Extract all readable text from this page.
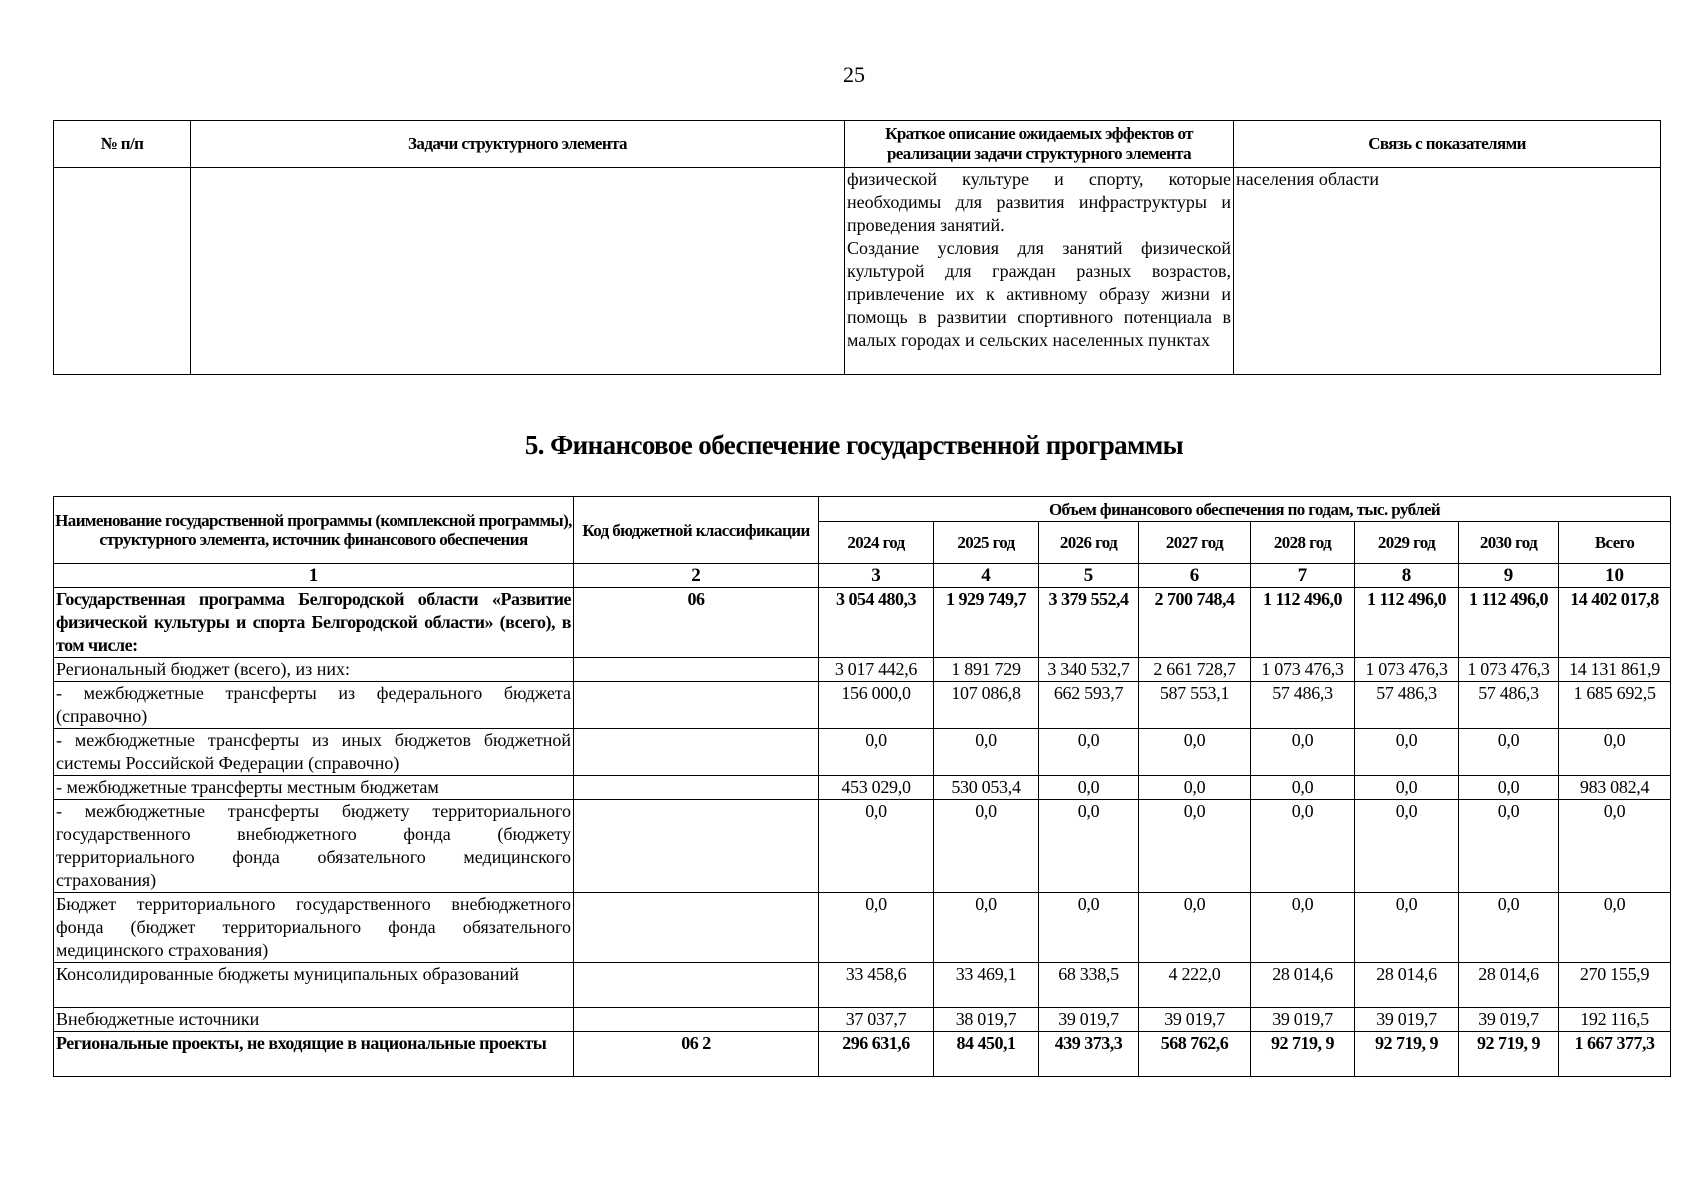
25
№ п/п	Задачи структурного элемента	Краткое описание ожидаемых эффектов от реализации задачи структурного элемента	Связь с показателями

		физической культуре и спорту, которые необходимы для развития инфраструктуры и проведения занятий.

Создание условия для занятий физической культурой для граждан разных возрастов, привлечение их к активному образу жизни и помощь в развитии спортивного потенциала в малых городах и сельских населенных пунктах	населения области
5. Финансовое обеспечение государственной программы
Наименование государственной программы (комплексной программы), структурного элемента, источник финансового обеспечения	Код бюджетной классификации	Объем финансового обеспечения по годам, тыс. рублей							
		2024 год	2025 год	2026 год	2027 год	2028 год	2029 год	2030 год	Всего
1	2	3	4	5	6	7	8	9	10
Государственная программа Белгородской области «Развитие физической культуры и спорта Белгородской области» (всего), в том числе:	06	3 054 480,3	1 929 749,7	3 379 552,4	2 700 748,4	1 112 496,0	1 112 496,0	1 112 496,0	14 402 017,8
Региональный бюджет (всего), из них:		3 017 442,6	1 891 729	3 340 532,7	2 661 728,7	1 073 476,3	1 073 476,3	1 073 476,3	14 131 861,9
- межбюджетные трансферты из федерального бюджета (справочно)		156 000,0	107 086,8	662 593,7	587 553,1	57 486,3	57 486,3	57 486,3	1 685 692,5
- межбюджетные трансферты из иных бюджетов бюджетной системы Российской Федерации (справочно)		0,0	0,0	0,0	0,0	0,0	0,0	0,0	0,0
- межбюджетные трансферты местным бюджетам		453 029,0	530 053,4	0,0	0,0	0,0	0,0	0,0	983 082,4
- межбюджетные трансферты бюджету территориального государственного внебюджетного фонда (бюджету территориального фонда обязательного медицинского страхования)		0,0	0,0	0,0	0,0	0,0	0,0	0,0	0,0
Бюджет территориального государственного внебюджетного фонда (бюджет территориального фонда обязательного медицинского страхования)		0,0	0,0	0,0	0,0	0,0	0,0	0,0	0,0
Консолидированные бюджеты муниципальных образований		33 458,6	33 469,1	68 338,5	4 222,0	28 014,6	28 014,6	28 014,6	270 155,9
Внебюджетные источники		37 037,7	38 019,7	39 019,7	39 019,7	39 019,7	39 019,7	39 019,7	192 116,5
Региональные проекты, не входящие в национальные проекты	06 2	296 631,6	84 450,1	439 373,3	568 762,6	92 719, 9	92 719, 9	92 719, 9	1 667 377,3
